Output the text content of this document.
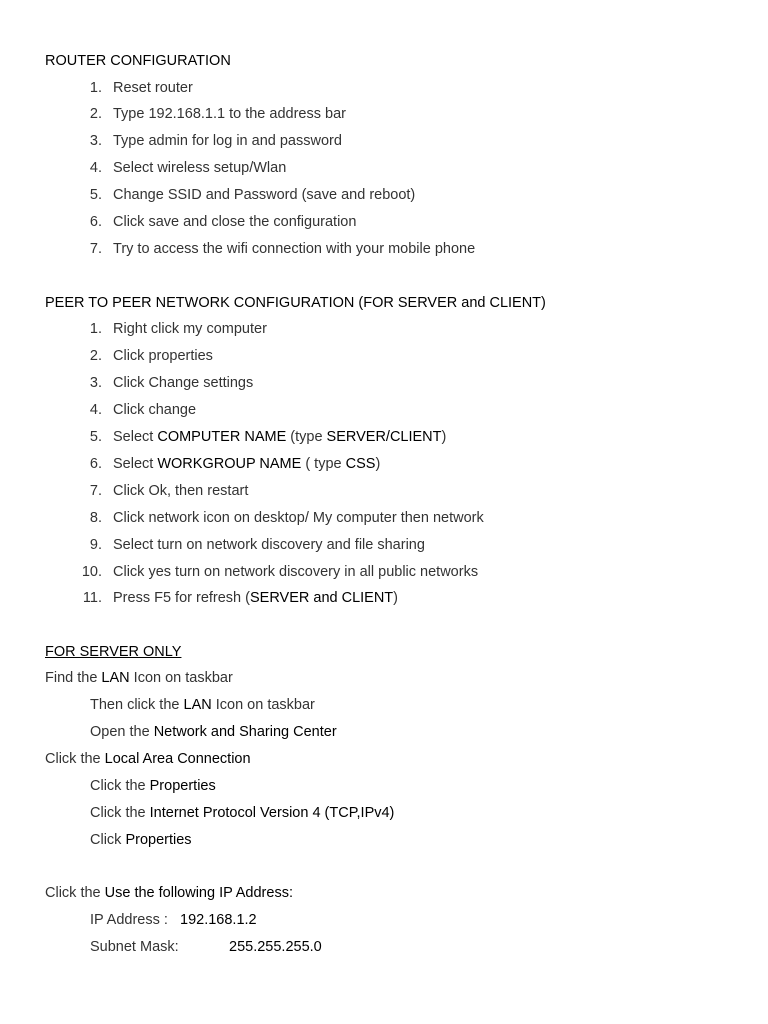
ROUTER CONFIGURATION
1. Reset router
2. Type 192.168.1.1 to the address bar
3. Type admin for log in and password
4. Select wireless setup/Wlan
5. Change SSID and Password (save and reboot)
6. Click save and close the configuration
7. Try to access the wifi connection with your mobile phone
PEER TO PEER NETWORK CONFIGURATION (FOR SERVER and CLIENT)
1. Right click my computer
2. Click properties
3. Click Change settings
4. Click change
5. Select COMPUTER NAME (type SERVER/CLIENT)
6. Select WORKGROUP NAME ( type CSS)
7. Click Ok, then restart
8. Click network icon on desktop/ My computer then network
9. Select turn on network discovery and file sharing
10. Click yes turn on network discovery in all public networks
11. Press F5 for refresh (SERVER and CLIENT)
FOR SERVER ONLY
Find the LAN Icon on taskbar
Then click the LAN Icon on taskbar
Open the Network and Sharing Center
Click the Local Area Connection
Click the Properties
Click the Internet Protocol Version 4 (TCP,IPv4)
Click Properties
Click the Use the following IP Address:
IP Address : 192.168.1.2
Subnet Mask:	255.255.255.0
